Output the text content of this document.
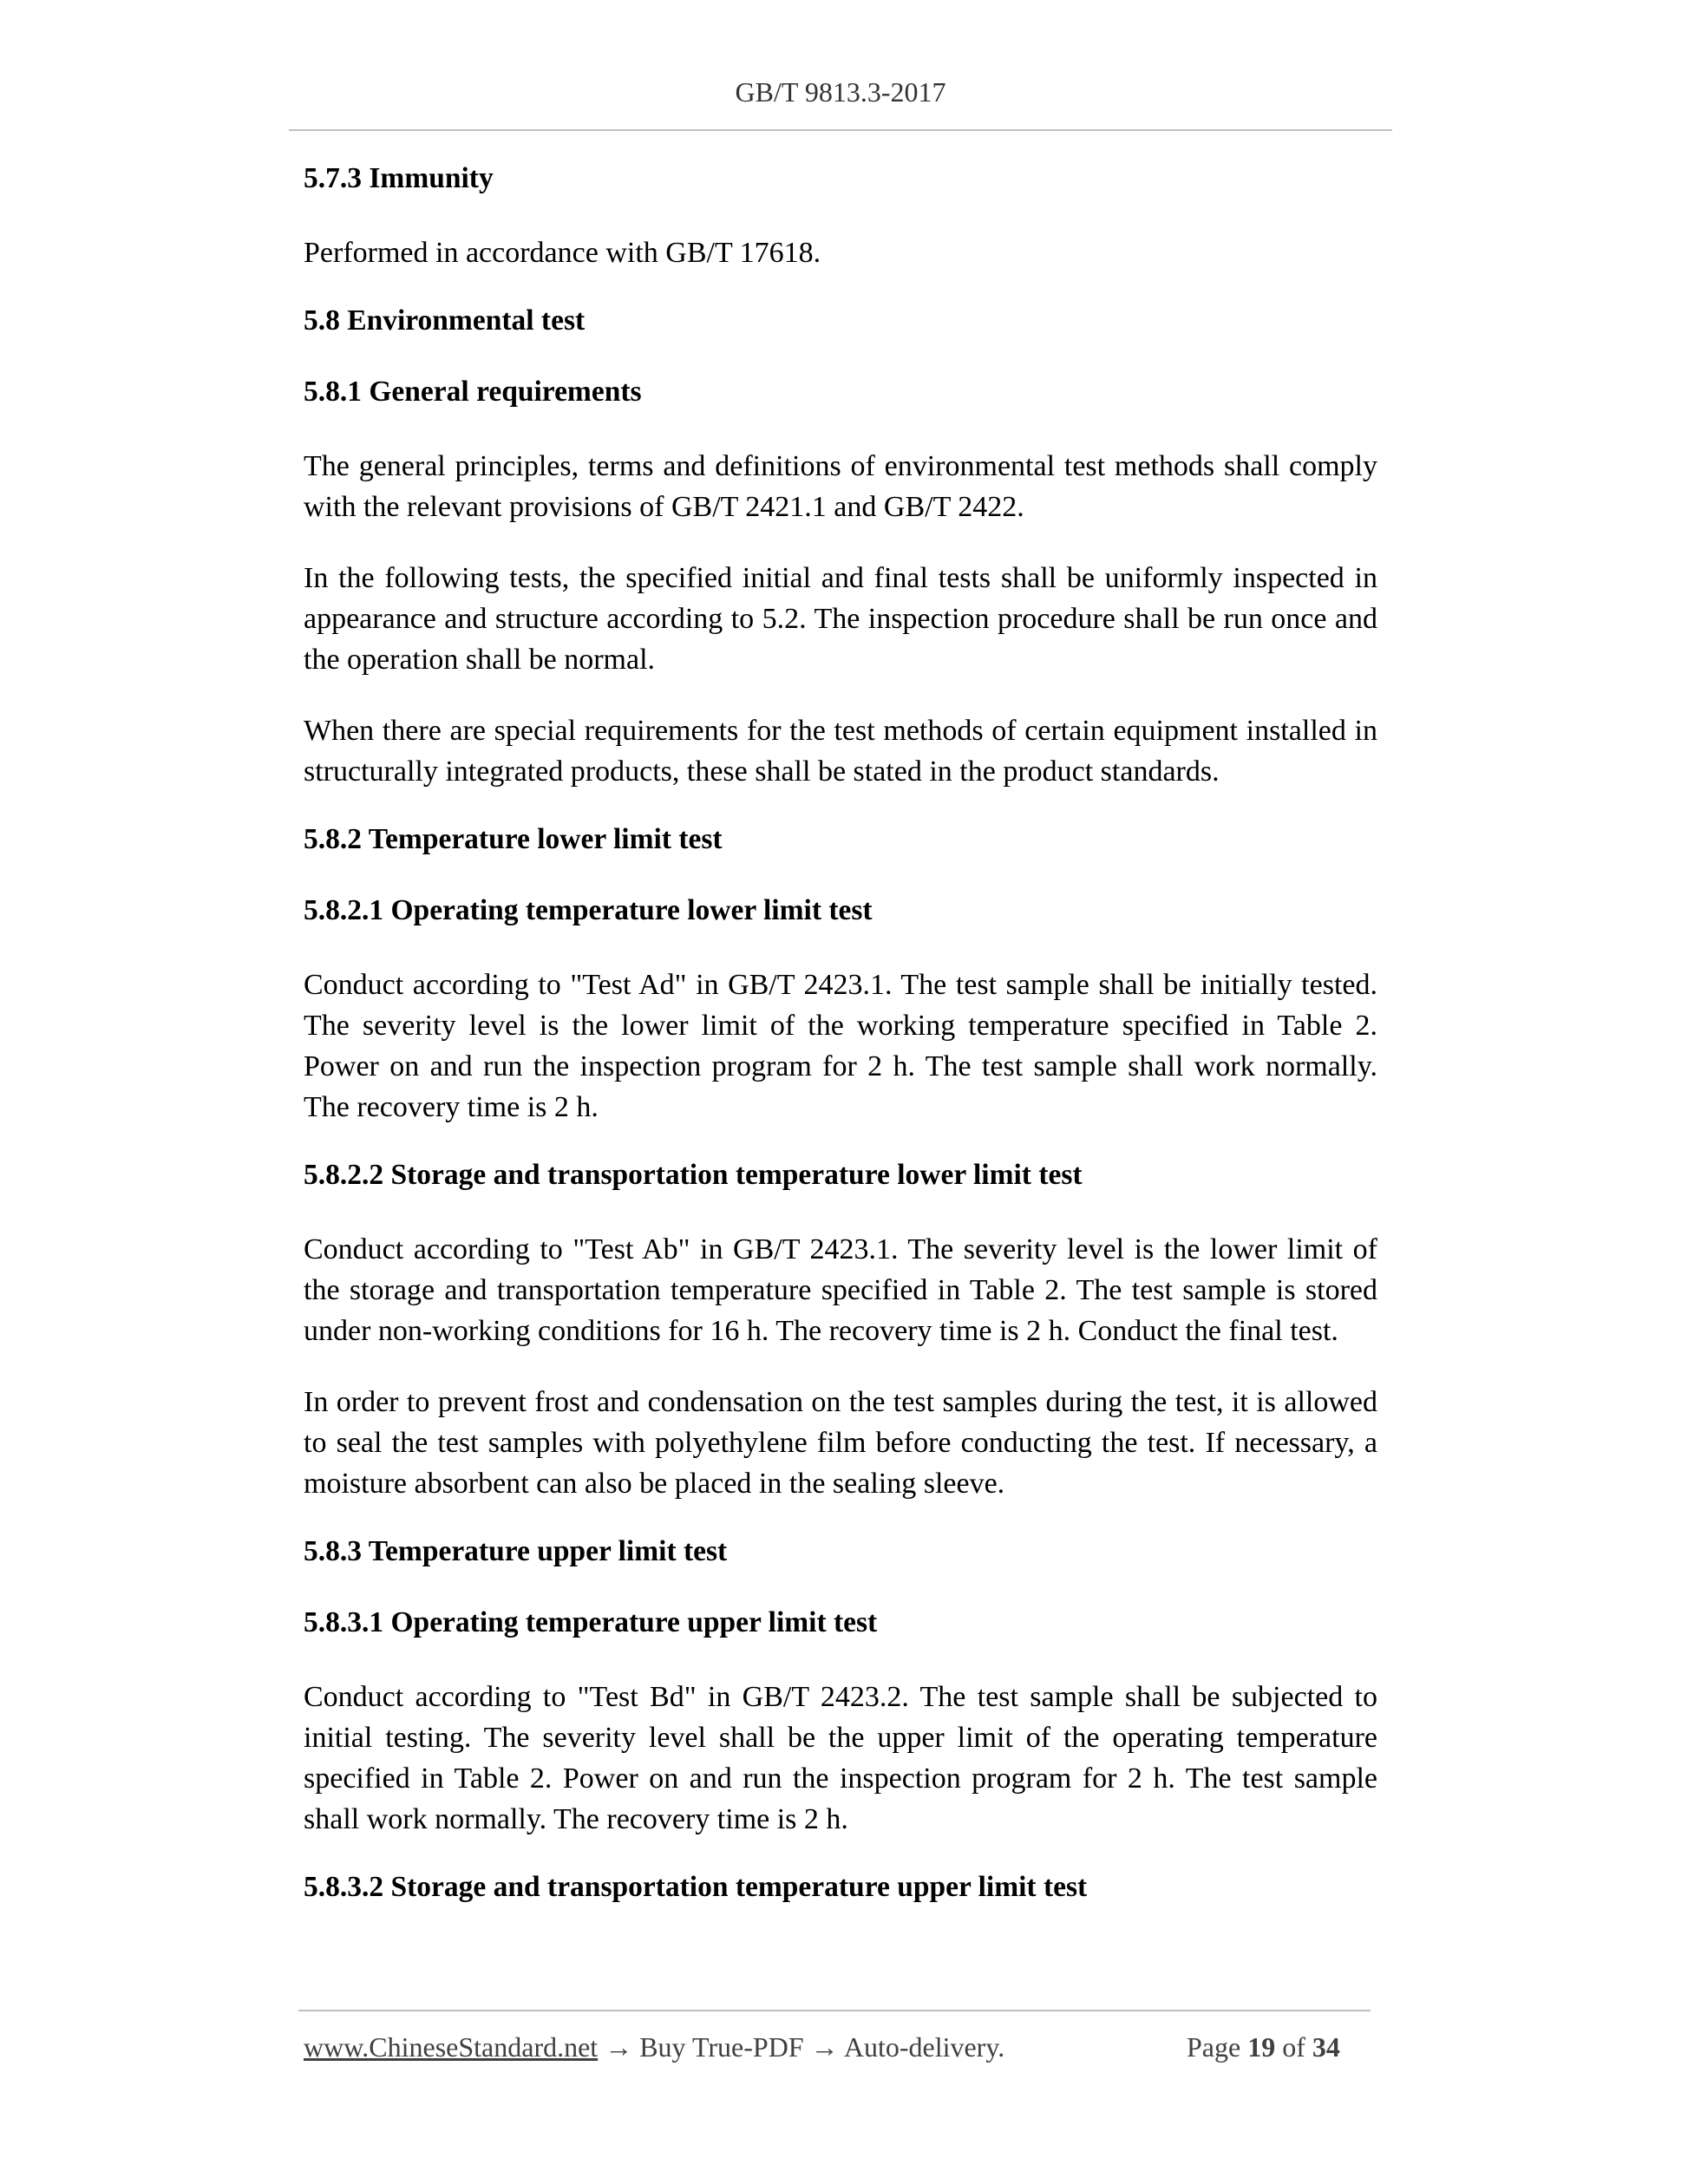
GB/T 9813.3-2017
5.7.3 Immunity
Performed in accordance with GB/T 17618.
5.8 Environmental test
5.8.1 General requirements
The general principles, terms and definitions of environmental test methods shall comply with the relevant provisions of GB/T 2421.1 and GB/T 2422.
In the following tests, the specified initial and final tests shall be uniformly inspected in appearance and structure according to 5.2. The inspection procedure shall be run once and the operation shall be normal.
When there are special requirements for the test methods of certain equipment installed in structurally integrated products, these shall be stated in the product standards.
5.8.2 Temperature lower limit test
5.8.2.1 Operating temperature lower limit test
Conduct according to "Test Ad" in GB/T 2423.1. The test sample shall be initially tested. The severity level is the lower limit of the working temperature specified in Table 2. Power on and run the inspection program for 2 h. The test sample shall work normally. The recovery time is 2 h.
5.8.2.2 Storage and transportation temperature lower limit test
Conduct according to "Test Ab" in GB/T 2423.1. The severity level is the lower limit of the storage and transportation temperature specified in Table 2. The test sample is stored under non-working conditions for 16 h. The recovery time is 2 h. Conduct the final test.
In order to prevent frost and condensation on the test samples during the test, it is allowed to seal the test samples with polyethylene film before conducting the test. If necessary, a moisture absorbent can also be placed in the sealing sleeve.
5.8.3 Temperature upper limit test
5.8.3.1 Operating temperature upper limit test
Conduct according to "Test Bd" in GB/T 2423.2. The test sample shall be subjected to initial testing. The severity level shall be the upper limit of the operating temperature specified in Table 2. Power on and run the inspection program for 2 h. The test sample shall work normally. The recovery time is 2 h.
5.8.3.2 Storage and transportation temperature upper limit test
www.ChineseStandard.net → Buy True-PDF → Auto-delivery.	Page 19 of 34
